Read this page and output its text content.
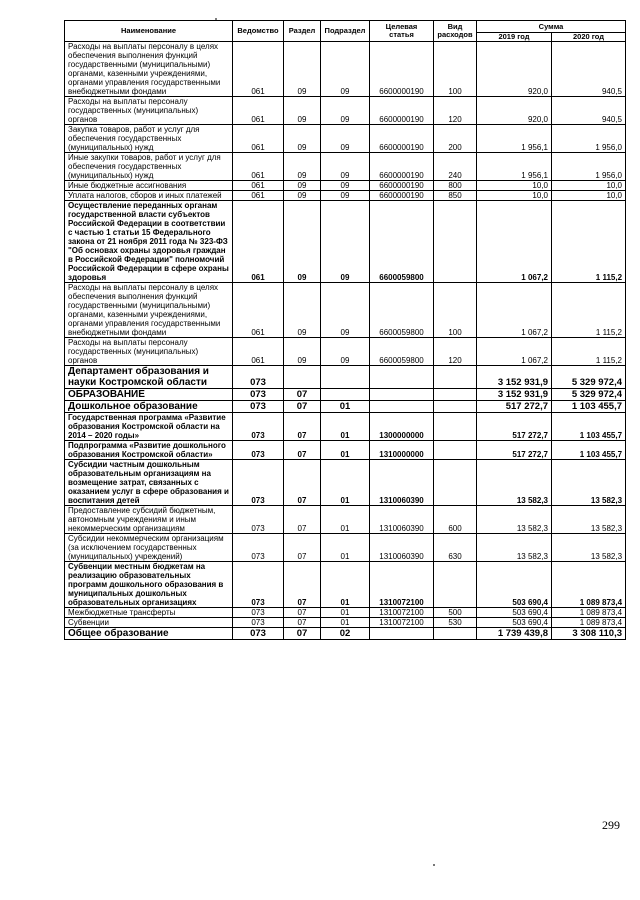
Наименование	Ведомство	Раздел	Подраздел	Целевая статья	Вид расходов	Сумма	
						2019 год	2020 год
Расходы на выплаты персоналу в целях обеспечения выполнения функций государственными (муниципальными) органами, казенными учреждениями, органами управления государственными внебюджетными фондами	061	09	09	6600000190	100	920,0	940,5
Расходы на выплаты персоналу государственных (муниципальных) органов	061	09	09	6600000190	120	920,0	940,5
Закупка товаров, работ и услуг для обеспечения государственных (муниципальных) нужд	061	09	09	6600000190	200	1 956,1	1 956,0
Иные закупки товаров, работ и услуг для обеспечения государственных (муниципальных) нужд	061	09	09	6600000190	240	1 956,1	1 956,0
Иные бюджетные ассигнования	061	09	09	6600000190	800	10,0	10,0
Уплата налогов, сборов и иных платежей	061	09	09	6600000190	850	10,0	10,0
Осуществление переданных органам государственной власти субъектов Российской Федерации в соответствии с частью 1 статьи 15 Федерального закона от 21 ноября 2011 года № 323-ФЗ "Об основах охраны здоровья граждан в Российской Федерации" полномочий Российской Федерации в сфере охраны здоровья	061	09	09	6600059800		1 067,2	1 115,2
Расходы на выплаты персоналу в целях обеспечения выполнения функций государственными (муниципальными) органами, казенными учреждениями, органами управления государственными внебюджетными фондами	061	09	09	6600059800	100	1 067,2	1 115,2
Расходы на выплаты персоналу государственных (муниципальных) органов	061	09	09	6600059800	120	1 067,2	1 115,2
Департамент образования и науки Костромской области	073					3 152 931,9	5 329 972,4
ОБРАЗОВАНИЕ	073	07				3 152 931,9	5 329 972,4
Дошкольное образование	073	07	01			517 272,7	1 103 455,7
Государственная программа «Развитие образования Костромской области на 2014 – 2020 годы»	073	07	01	1300000000		517 272,7	1 103 455,7
Подпрограмма «Развитие дошкольного образования Костромской области»	073	07	01	1310000000		517 272,7	1 103 455,7
Субсидии частным дошкольным образовательным организациям на возмещение затрат, связанных с оказанием услуг в сфере образования и воспитания детей	073	07	01	1310060390		13 582,3	13 582,3
Предоставление субсидий бюджетным, автономным учреждениям и иным некоммерческим организациям	073	07	01	1310060390	600	13 582,3	13 582,3
Субсидии некоммерческим организациям (за исключением государственных (муниципальных) учреждений)	073	07	01	1310060390	630	13 582,3	13 582,3
Субвенции местным бюджетам на реализацию образовательных программ дошкольного образования в муниципальных дошкольных образовательных организациях	073	07	01	1310072100		503 690,4	1 089 873,4
Межбюджетные трансферты	073	07	01	1310072100	500	503 690,4	1 089 873,4
Субвенции	073	07	01	1310072100	530	503 690,4	1 089 873,4
Общее образование	073	07	02			1 739 439,8	3 308 110,3
299
